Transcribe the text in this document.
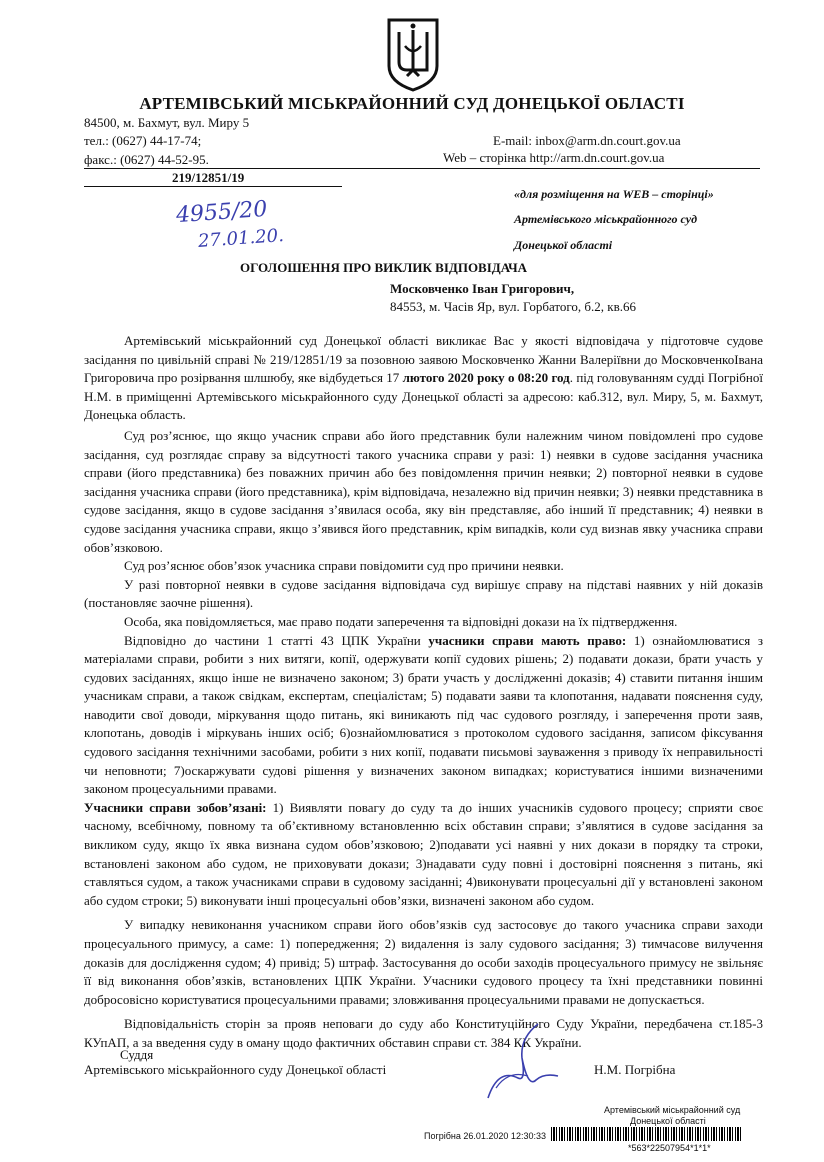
АРТЕМІВСЬКИЙ МІСЬКРАЙОННИЙ СУД ДОНЕЦЬКОЇ ОБЛАСТІ
84500, м. Бахмут, вул. Миру 5
тел.: (0627) 44-17-74;	E-mail: inbox@arm.dn.court.gov.ua
факс.: (0627) 44-52-95.	Web – сторінка http://arm.dn.court.gov.ua
219/12851/19
4955/20
27.01.20.
«для розміщення на WEB – сторінці»
Артемівського міськрайонного суд
Донецької області
ОГОЛОШЕННЯ ПРО ВИКЛИК ВІДПОВІДАЧА
Московченко Іван Григорович,
84553, м. Часів Яр, вул. Горбатого, б.2, кв.66

Артемівський міськрайонний суд Донецької області викликає Вас у якості відповідача у підготовче судове засідання по цивільній справі № 219/12851/19 за позовною заявою Московченко Жанни Валеріївни до МосковченкоІвана Григоровича про розірвання шлшюбу, яке відбудеться 17 лютого 2020 року о 08:20 год. під головуванням судді Погрібної Н.М. в приміщенні Артемівського міськрайонного суду Донецької області за адресою: каб.312, вул. Миру, 5, м. Бахмут, Донецька область.

Суд роз’яснює, що якщо учасник справи або його представник були належним чином повідомлені про судове засідання, суд розглядає справу за відсутності такого учасника справи у разі: 1) неявки в судове засідання учасника справи (його представника) без поважних причин або без повідомлення причин неявки; 2) повторної неявки в судове засідання учасника справи (його представника), крім відповідача, незалежно від причин неявки; 3) неявки представника в судове засідання, якщо в судове засідання з’явилася особа, яку він представляє, або інший її представник; 4) неявки в судове засідання учасника справи, якщо з’явився його представник, крім випадків, коли суд визнав явку учасника справи обов’язковою.

Суд роз’яснює обов’язок учасника справи повідомити суд про причини неявки.

У разі повторної неявки в судове засідання відповідача суд вирішує справу на підставі наявних у ній доказів (постановляє заочне рішення).

Особа, яка повідомляється, має право подати заперечення та відповідні докази на їх підтвердження.

Відповідно до частини 1 статті 43 ЦПК України учасники справи мають право: 1) ознайомлюватися з матеріалами справи, робити з них витяги, копії, одержувати копії судових рішень; 2) подавати докази, брати участь у судових засіданнях, якщо інше не визначено законом; 3) брати участь у дослідженні доказів; 4) ставити питання іншим учасникам справи, а також свідкам, експертам, спеціалістам; 5) подавати заяви та клопотання, надавати пояснення суду, наводити свої доводи, міркування щодо питань, які виникають під час судового розгляду, і заперечення проти заяв, клопотань, доводів і міркувань інших осіб; 6)ознайомлюватися з протоколом судового засідання, записом фіксування судового засідання технічними засобами, робити з них копії, подавати письмові зауваження з приводу їх неправильності чи неповноти; 7)оскаржувати судові рішення у визначених законом випадках; користуватися іншими визначеними законом процесуальними правами.

Учасники справи зобов’язані: 1) Виявляти повагу до суду та до інших учасників судового процесу; сприяти своє часному, всебічному, повному та об’єктивному встановленню всіх обставин справи; з’являтися в судове засідання за викликом суду, якщо їх явка визнана судом обов’язковою; 2)подавати усі наявні у них докази в порядку та строки, встановлені законом або судом, не приховувати докази; 3)надавати суду повні і достовірні пояснення з питань, які ставляться судом, а також учасниками справи в судовому засіданні; 4)виконувати процесуальні дії у встановлені законом або судом строки; 5) виконувати інші процесуальні обов’язки, визначені законом або судом.

У випадку невиконання учасником справи його обов’язків суд застосовує до такого учасника справи заходи процесуального примусу, а саме: 1) попередження; 2) видалення із залу судового засідання; 3) тимчасове вилучення доказів для дослідження судом; 4) привід; 5) штраф. Застосування до особи заходів процесуального примусу не звільняє її від виконання обов’язків, встановлених ЦПК України. Учасники судового процесу та їхні представники повинні добросовісно користуватися процесуальними правами; зловживання процесуальними правами не допускається.

Відповідальність сторін за прояв неповаги до суду або Конституційного Суду України, передбачена ст.185-3 КУпАП, а за введення суду в оману щодо фактичних обставин справи ст. 384 КК України.

Суддя
Артемівського міськрайонного суду Донецької області	Н.М. Погрібна
Артемівський міськрайонний суд
Донецької області
Погрібна 26.01.2020 12:30:33
*563*22507954*1*1*
